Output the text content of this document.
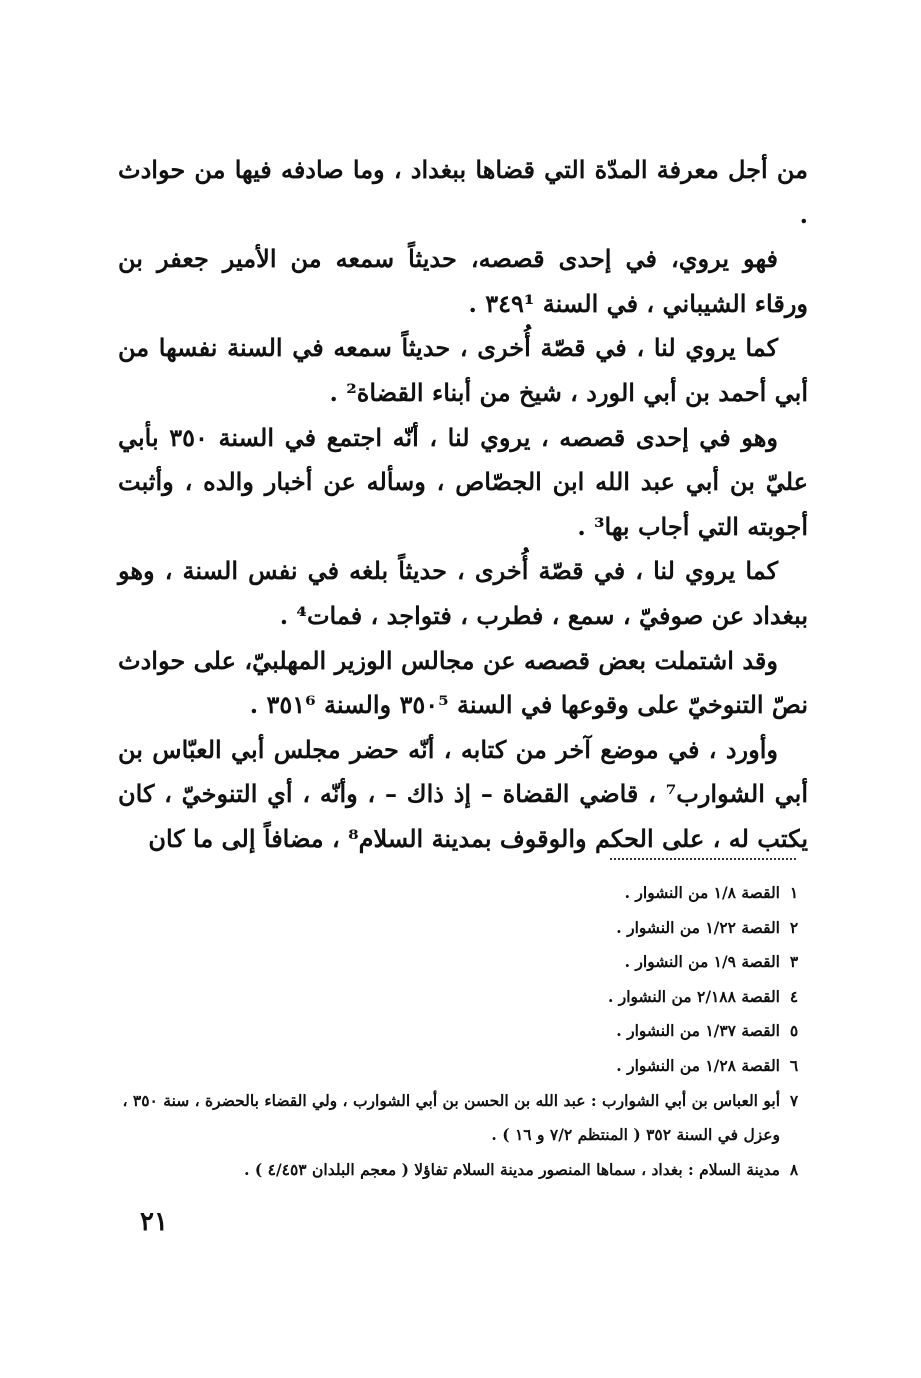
من أجل معرفة المدّة التي قضاها ببغداد ، وما صادفه فيها من حوادث .

فهو يروي، في إحدى قصصه، حديثاً سمعه من الأمير جعفر بن ورقاء الشيباني ، في السنة ٣٤٩¹ .

كما يروي لنا ، في قصّة أُخرى ، حديثاً سمعه في السنة نفسها من أبي أحمد بن أبي الورد ، شيخ من أبناء القضاة² .

وهو في إحدى قصصه ، يروي لنا ، أنّه اجتمع في السنة ٣٥٠ بأبي عليّ بن أبي عبد الله ابن الجصّاص ، وسأله عن أخبار والده ، وأثبت أجوبته التي أجاب بها³ .

كما يروي لنا ، في قصّة أُخرى ، حديثاً بلغه في نفس السنة ، وهو ببغداد عن صوفيّ ، سمع ، فطرب ، فتواجد ، فمات⁴ .

وقد اشتملت بعض قصصه عن مجالس الوزير المهلبيّ، على حوادث نصّ التنوخيّ على وقوعها في السنة ٣٥٠⁵ والسنة ٣٥١⁶ .

وأورد ، في موضع آخر من كتابه ، أنّه حضر مجلس أبي العبّاس بن أبي الشوارب⁷ ، قاضي القضاة – إذ ذاك – ، وأنّه ، أي التنوخيّ ، كان يكتب له ، على الحكم والوقوف بمدينة السلام⁸ ، مضافاً إلى ما كان

١
القصة ١/٨ من النشوار .
٢
القصة ١/٢٢ من النشوار .
٣
القصة ١/٩ من النشوار .
٤
القصة ٢/١٨٨ من النشوار .
٥
القصة ١/٣٧ من النشوار .
٦
القصة ١/٢٨ من النشوار .
٧
أبو العباس بن أبي الشوارب : عبد الله بن الحسن بن أبي الشوارب ، ولي القضاء بالحضرة ، سنة ٣٥٠ ، وعزل في السنة ٣٥٢ ( المنتظم ٧/٢ و ١٦ ) .
٨
مدينة السلام : بغداد ، سماها المنصور مدينة السلام تفاؤلا ( معجم البلدان ٤/٤٥٣ ) .
٢١
